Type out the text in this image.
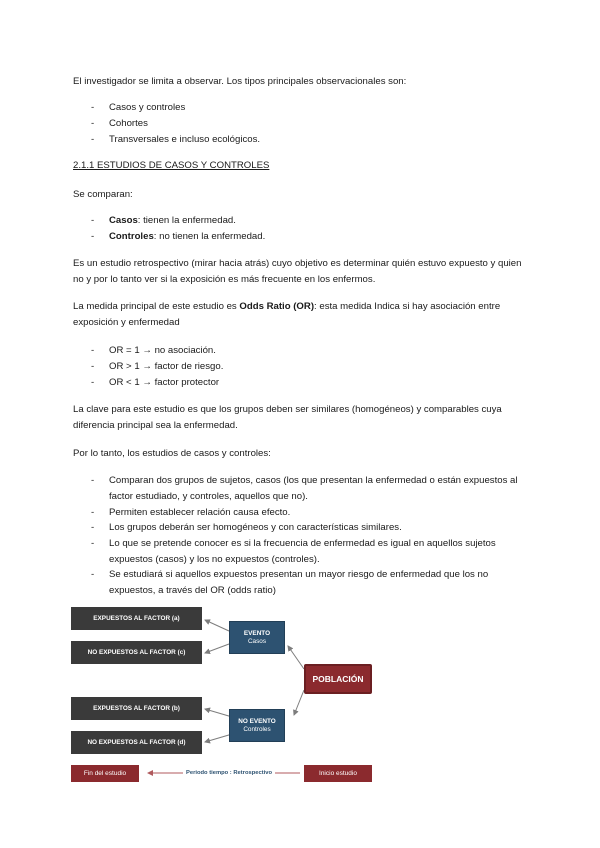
El investigador se limita a observar. Los tipos principales observacionales son:

- Casos y controles
- Cohortes
- Transversales e incluso ecológicos.

2.1.1 ESTUDIOS DE CASOS Y CONTROLES

Se comparan:

- Casos: tienen la enfermedad.
- Controles: no tienen la enfermedad.

Es un estudio retrospectivo (mirar hacia atrás) cuyo objetivo es determinar quién estuvo expuesto y quien no y por lo tanto ver si la exposición es más frecuente en los enfermos.

La medida principal de este estudio es Odds Ratio (OR): esta medida Indica si hay asociación entre exposición y enfermedad

- OR = 1 → no asociación.
- OR > 1 → factor de riesgo.
- OR < 1 → factor protector

La clave para este estudio es que los grupos deben ser similares (homogéneos) y comparables cuya diferencia principal sea la enfermedad.

Por lo tanto, los estudios de casos y controles:

- Comparan dos grupos de sujetos, casos (los que presentan la enfermedad o están expuestos al factor estudiado, y controles, aquellos que no).
- Permiten establecer relación causa efecto.
- Los grupos deberán ser homogéneos y con características similares.
- Lo que se pretende conocer es si la frecuencia de enfermedad es igual en aquellos sujetos expuestos (casos) y los no expuestos (controles).
- Se estudiará si aquellos expuestos presentan un mayor riesgo de enfermedad que los no expuestos, a través del OR (odds ratio)
EXPUESTOS AL FACTOR (a)
NO EXPUESTOS AL FACTOR (c)
EXPUESTOS AL FACTOR (b)
NO EXPUESTOS AL FACTOR (d)
EVENTO
Casos
NO EVENTO
Controles
POBLACIÓN
Fin del estudio	Periodo tiempo : Retrospectivo	Inicio estudio
